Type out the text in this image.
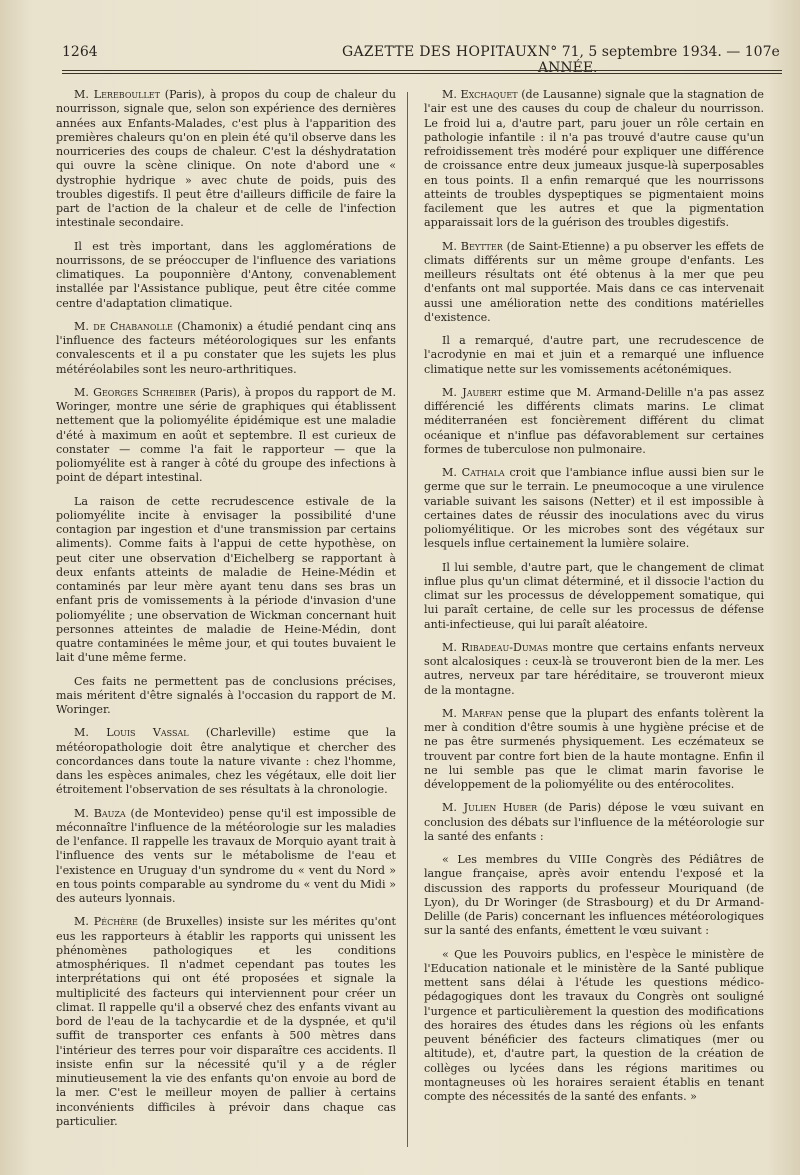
1264	GAZETTE DES HOPITAUX N° 71, 5 septembre 1934. — 107e ANNÉE.

M. Lereboullet (Paris), à propos du coup de chaleur du nourrisson, signale que, selon son expérience des dernières années aux Enfants-Malades, c'est plus à l'apparition des premières chaleurs qu'on en plein été qu'il observe dans les nourriceries des coups de chaleur. C'est la déshydratation qui ouvre la scène clinique. On note d'abord une « dystrophie hydrique » avec chute de poids, puis des troubles digestifs. Il peut être d'ailleurs difficile de faire la part de l'action de la chaleur et de celle de l'infection intestinale secondaire.

Il est très important, dans les agglomérations de nourrissons, de se préoccuper de l'influence des variations climatiques. La pouponnière d'Antony, convenablement installée par l'Assistance publique, peut être citée comme centre d'adaptation climatique.

M. de Chabanolle (Chamonix) a étudié pendant cinq ans l'influence des facteurs météorologiques sur les enfants convalescents et il a pu constater que les sujets les plus météréolabiles sont les neuro-arthritiques.

M. Georges Schreiber (Paris), à propos du rapport de M. Woringer, montre une série de graphiques qui établissent nettement que la poliomyélite épidémique est une maladie d'été à maximum en août et septembre. Il est curieux de constater — comme l'a fait le rapporteur — que la poliomyélite est à ranger à côté du groupe des infections à point de départ intestinal.

La raison de cette recrudescence estivale de la poliomyélite incite à envisager la possibilité d'une contagion par ingestion et d'une transmission par certains aliments). Comme faits à l'appui de cette hypothèse, on peut citer une observation d'Eichelberg se rapportant à deux enfants atteints de maladie de Heine-Médin et contaminés par leur mère ayant tenu dans ses bras un enfant pris de vomissements à la période d'invasion d'une poliomyélite ; une observation de Wickman concernant huit personnes atteintes de maladie de Heine-Médin, dont quatre contaminées le même jour, et qui toutes buvaient le lait d'une même ferme.

Ces faits ne permettent pas de conclusions précises, mais méritent d'être signalés à l'occasion du rapport de M. Woringer.

M. Louis Vassal (Charleville) estime que la météoropathologie doit être analytique et chercher des concordances dans toute la nature vivante : chez l'homme, dans les espèces animales, chez les végétaux, elle doit lier étroitement l'observation de ses résultats à la chronologie.

M. Bauza (de Montevideo) pense qu'il est impossible de méconnaître l'influence de la météorologie sur les maladies de l'enfance. Il rappelle les travaux de Morquio ayant trait à l'influence des vents sur le métabolisme de l'eau et l'existence en Uruguay d'un syndrome du « vent du Nord » en tous points comparable au syndrome du « vent du Midi » des auteurs lyonnais.

M. Péchère (de Bruxelles) insiste sur les mérites qu'ont eus les rapporteurs à établir les rapports qui unissent les phénomènes pathologiques et les conditions atmosphériques. Il n'admet cependant pas toutes les interprétations qui ont été proposées et signale la multiplicité des facteurs qui interviennent pour créer un climat. Il rappelle qu'il a observé chez des enfants vivant au bord de l'eau de la tachycardie et de la dyspnée, et qu'il suffit de transporter ces enfants à 500 mètres dans l'intérieur des terres pour voir disparaître ces accidents. Il insiste enfin sur la nécessité qu'il y a de régler minutieusement la vie des enfants qu'on envoie au bord de la mer. C'est le meilleur moyen de pallier à certains inconvénients difficiles à prévoir dans chaque cas particulier.

M. Exchaquet (de Lausanne) signale que la stagnation de l'air est une des causes du coup de chaleur du nourrisson. Le froid lui a, d'autre part, paru jouer un rôle certain en pathologie infantile : il n'a pas trouvé d'autre cause qu'un refroidissement très modéré pour expliquer une différence de croissance entre deux jumeaux jusque-là superposables en tous points. Il a enfin remarqué que les nourrissons atteints de troubles dyspeptiques se pigmentaient moins facilement que les autres et que la pigmentation apparaissait lors de la guérison des troubles digestifs.

M. Beytter (de Saint-Etienne) a pu observer les effets de climats différents sur un même groupe d'enfants. Les meilleurs résultats ont été obtenus à la mer que peu d'enfants ont mal supportée. Mais dans ce cas intervenait aussi une amélioration nette des conditions matérielles d'existence.

Il a remarqué, d'autre part, une recrudescence de l'acrodynie en mai et juin et a remarqué une influence climatique nette sur les vomissements acétonémiques.

M. Jaubert estime que M. Armand-Delille n'a pas assez différencié les différents climats marins. Le climat méditerranéen est foncièrement différent du climat océanique et n'influe pas défavorablement sur certaines formes de tuberculose non pulmonaire.

M. Cathala croit que l'ambiance influe aussi bien sur le germe que sur le terrain. Le pneumocoque a une virulence variable suivant les saisons (Netter) et il est impossible à certaines dates de réussir des inoculations avec du virus poliomyélitique. Or les microbes sont des végétaux sur lesquels influe certainement la lumière solaire.

Il lui semble, d'autre part, que le changement de climat influe plus qu'un climat déterminé, et il dissocie l'action du climat sur les processus de développement somatique, qui lui paraît certaine, de celle sur les processus de défense anti-infectieuse, qui lui paraît aléatoire.

M. Ribadeau-Dumas montre que certains enfants nerveux sont alcalosiques : ceux-là se trouveront bien de la mer. Les autres, nerveux par tare héréditaire, se trouveront mieux de la montagne.

M. Marfan pense que la plupart des enfants tolèrent la mer à condition d'être soumis à une hygiène précise et de ne pas être surmenés physiquement. Les eczémateux se trouvent par contre fort bien de la haute montagne. Enfin il ne lui semble pas que le climat marin favorise le développement de la poliomyélite ou des entérocolites.

M. Julien Huber (de Paris) dépose le vœu suivant en conclusion des débats sur l'influence de la météorologie sur la santé des enfants :

« Les membres du VIIIe Congrès des Pédiâtres de langue française, après avoir entendu l'exposé et la discussion des rapports du professeur Mouriquand (de Lyon), du Dr Woringer (de Strasbourg) et du Dr Armand-Delille (de Paris) concernant les influences météorologiques sur la santé des enfants, émettent le vœu suivant :

« Que les Pouvoirs publics, en l'espèce le ministère de l'Education nationale et le ministère de la Santé publique mettent sans délai à l'étude les questions médico-pédagogiques dont les travaux du Congrès ont souligné l'urgence et particulièrement la question des modifications des horaires des études dans les régions où les enfants peuvent bénéficier des facteurs climatiques (mer ou altitude), et, d'autre part, la question de la création de collèges ou lycées dans les régions maritimes ou montagneuses où les horaires seraient établis en tenant compte des nécessités de la santé des enfants. »
